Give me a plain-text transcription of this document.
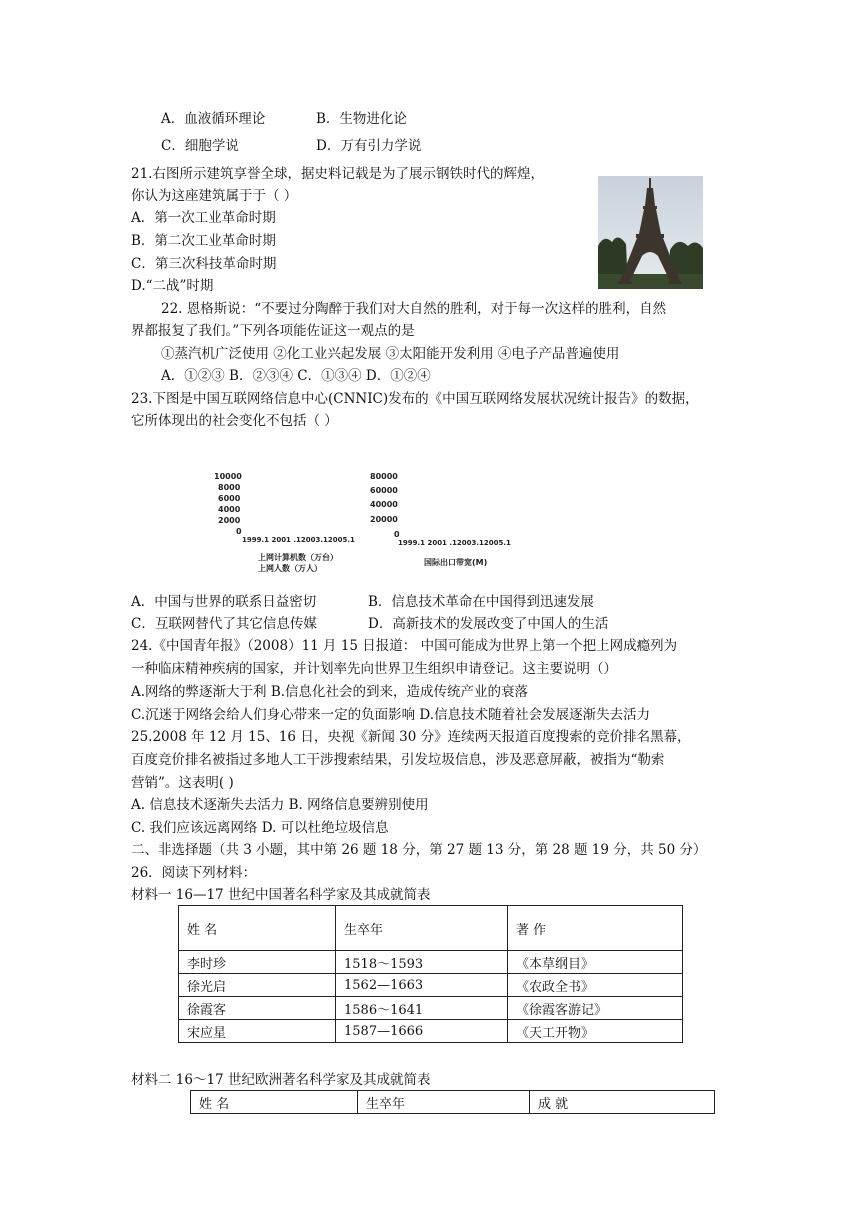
A．血液循环理论	B．生物进化论
C．细胞学说	D．万有引力学说
21.右图所示建筑享誉全球，据史料记载是为了展示钢铁时代的辉煌，
你认为这座建筑属于于（ ）
A．第一次工业革命时期
B．第二次工业革命时期
C．第三次科技革命时期
D.“二战”时期
22. 恩格斯说：“不要过分陶醉于我们对大自然的胜利，对于每一次这样的胜利，自然
界都报复了我们。”下列各项能佐证这一观点的是
①蒸汽机广泛使用 ②化工业兴起发展 ③太阳能开发利用 ④电子产品普遍使用
A．①②③ B．②③④ C．①③④ D．①②④
23.下图是中国互联网络信息中心(CNNIC)发布的《中国互联网络发展状况统计报告》的数据，
它所体现出的社会变化不包括（ ）
10000
8000
6000
4000
2000
0
1999.1 2001 .12003.12005.1
上网计算机数（万台）
上网人数（万人）
80000
60000
40000
20000
0
1999.1 2001 .12003.12005.1
国际出口带宽(M)
A．中国与世界的联系日益密切	B．信息技术革命在中国得到迅速发展
C．互联网替代了其它信息传媒	D．高新技术的发展改变了中国人的生活
24.《中国青年报》（2008）11 月 15 日报道： 中国可能成为世界上第一个把上网成瘾列为
一种临床精神疾病的国家，并计划率先向世界卫生组织申请登记。这主要说明（）
A.网络的弊逐渐大于利 B.信息化社会的到来，造成传统产业的衰落
C.沉迷于网络会给人们身心带来一定的负面影响 D.信息技术随着社会发展逐渐失去活力
25.2008 年 12 月 15、16 日，央视《新闻 30 分》连续两天报道百度搜索的竞价排名黑幕，
百度竞价排名被指过多地人工干涉搜索结果，引发垃圾信息，涉及恶意屏蔽，被指为“勒索
营销”。这表明( )
A. 信息技术逐渐失去活力 B. 网络信息要辨别使用
C. 我们应该远离网络 D. 可以杜绝垃圾信息
二、非选择题（共 3 小题，其中第 26 题 18 分，第 27 题 13 分，第 28 题 19 分，共 50 分）
26．阅读下列材料：
材料一 16—17 世纪中国著名科学家及其成就简表
姓 名	生卒年	著 作
李时珍	1518～1593	《本草纲目》
徐光启	1562—1663	《农政全书》
徐霞客	1586～1641	《徐霞客游记》
宋应星	1587—1666	《天工开物》
材料二 16～17 世纪欧洲著名科学家及其成就简表
姓 名	生卒年	成 就
